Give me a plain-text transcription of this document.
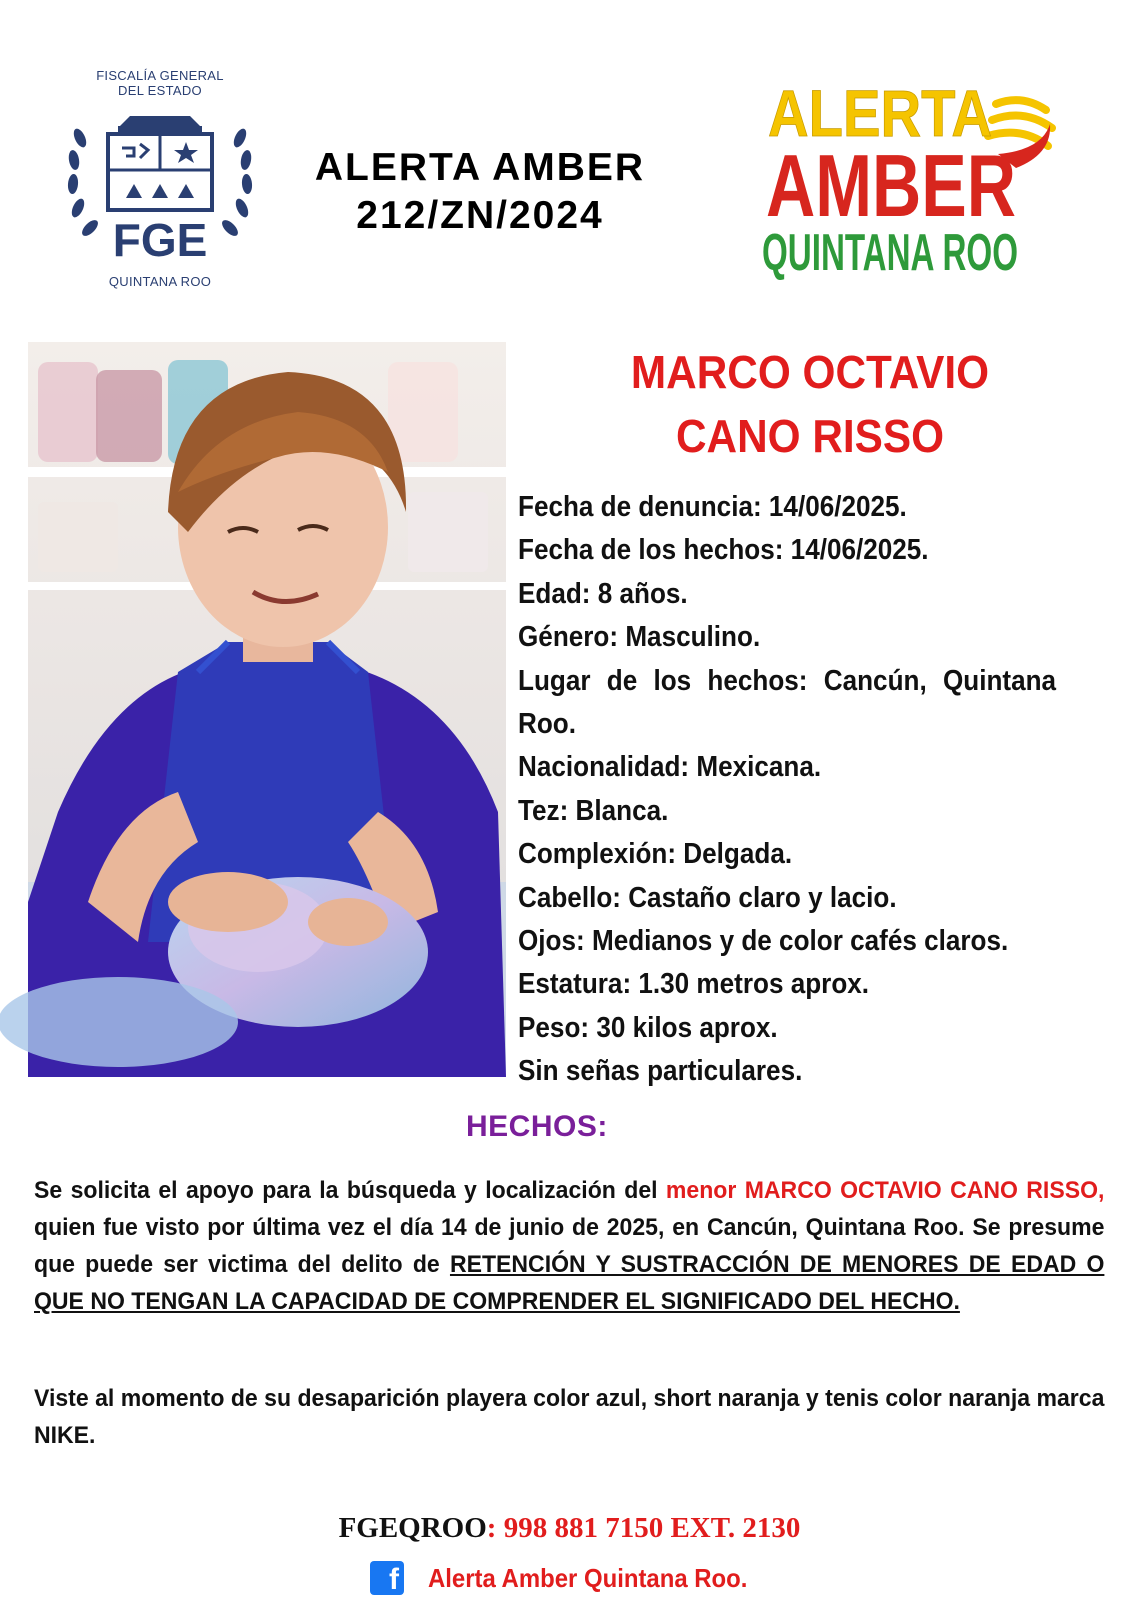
FISCALÍA GENERAL
DEL ESTADO
FGE
QUINTANA ROO
ALERTA AMBER
212/ZN/2024
ALERTA
AMBER
QUINTANA ROO
MARCO OCTAVIO
CANO RISSO
Fecha de denuncia: 14/06/2025.
Fecha de los hechos: 14/06/2025.
Edad: 8 años.
Género: Masculino.
Lugar de los hechos: Cancún, Quintana
Roo.
Nacionalidad: Mexicana.
Tez: Blanca.
Complexión: Delgada.
Cabello: Castaño claro y lacio.
Ojos: Medianos y de color cafés claros.
Estatura: 1.30 metros aprox.
Peso: 30 kilos aprox.
Sin señas particulares.
HECHOS:
Se solicita el apoyo para la búsqueda y localización del menor MARCO OCTAVIO CANO RISSO, quien fue visto por última vez el día 14 de junio de 2025, en Cancún, Quintana Roo. Se presume que puede ser victima del delito de RETENCIÓN Y SUSTRACCIÓN DE MENORES DE EDAD O QUE NO TENGAN LA CAPACIDAD DE COMPRENDER EL SIGNIFICADO DEL HECHO.
Viste al momento de su desaparición playera color azul, short naranja y tenis color naranja marca NIKE.
FGEQROO: 998 881 7150 EXT. 2130
f Alerta Amber Quintana Roo.
